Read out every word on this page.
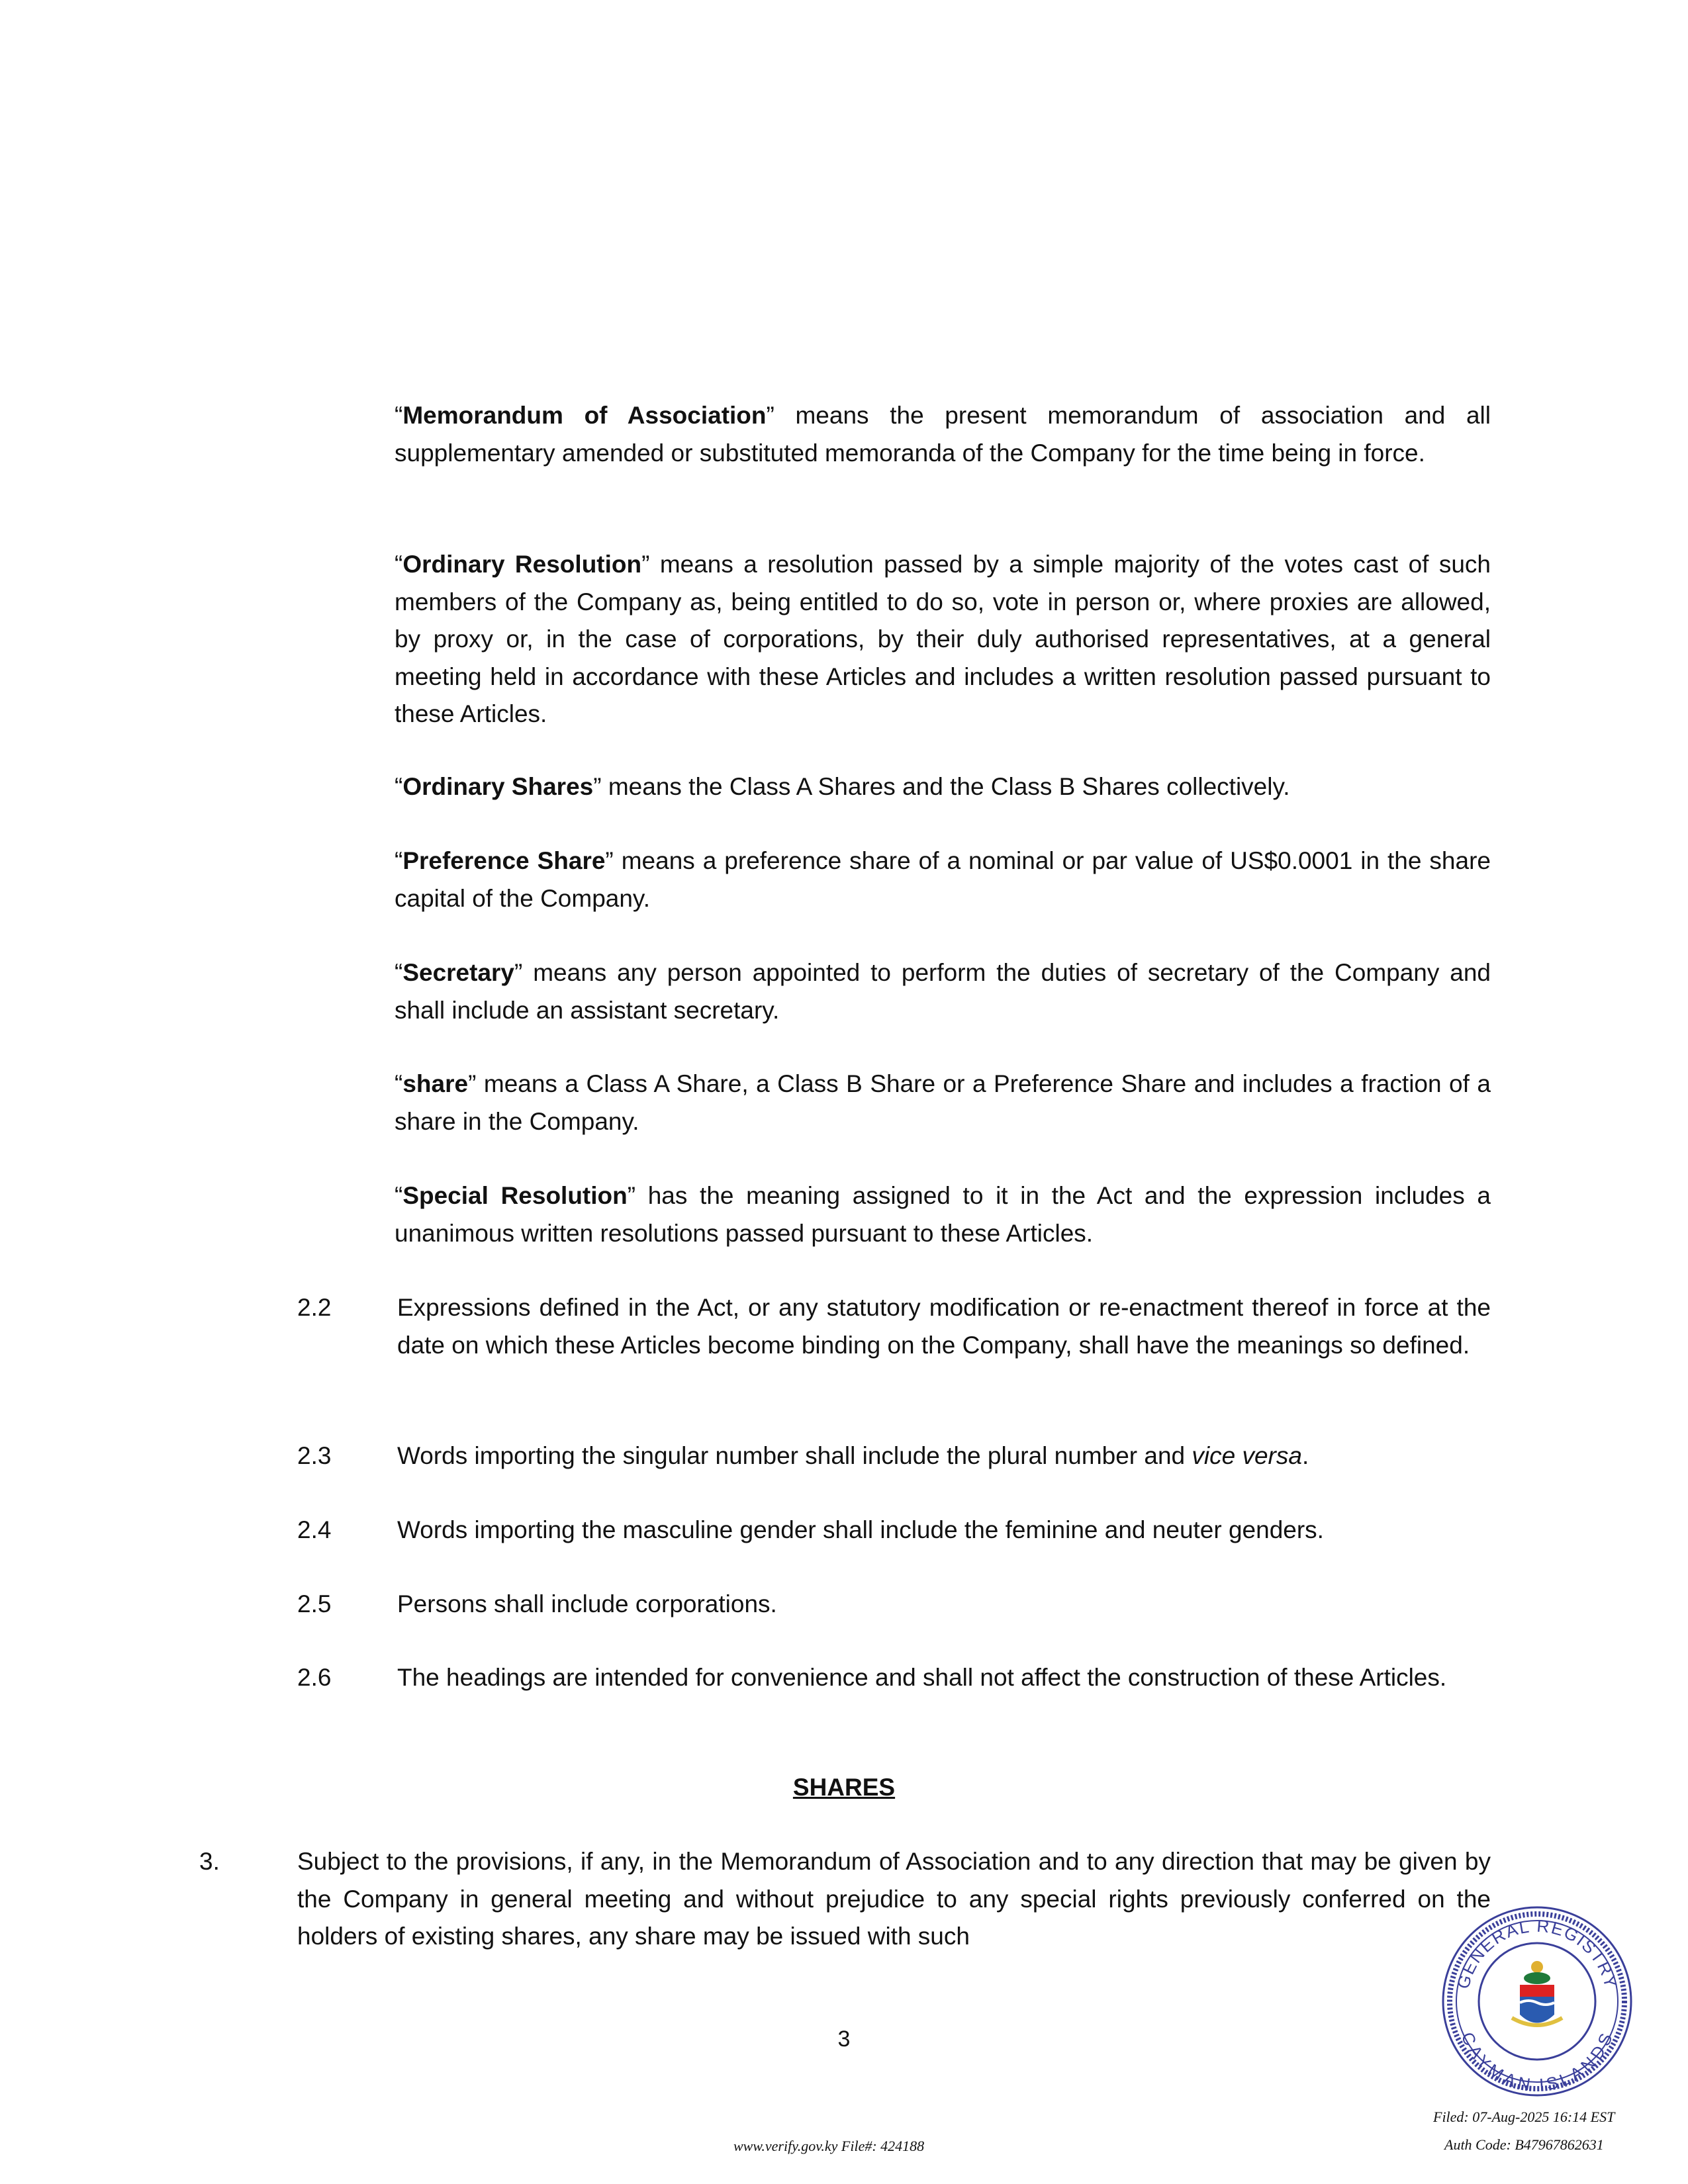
“Memorandum of Association” means the present memorandum of association and all supplementary amended or substituted memoranda of the Company for the time being in force.
“Ordinary Resolution” means a resolution passed by a simple majority of the votes cast of such members of the Company as, being entitled to do so, vote in person or, where proxies are allowed, by proxy or, in the case of corporations, by their duly authorised representatives, at a general meeting held in accordance with these Articles and includes a written resolution passed pursuant to these Articles.
“Ordinary Shares” means the Class A Shares and the Class B Shares collectively.
“Preference Share” means a preference share of a nominal or par value of US$0.0001 in the share capital of the Company.
“Secretary” means any person appointed to perform the duties of secretary of the Company and shall include an assistant secretary.
“share” means a Class A Share, a Class B Share or a Preference Share and includes a fraction of a share in the Company.
“Special Resolution” has the meaning assigned to it in the Act and the expression includes a unanimous written resolutions passed pursuant to these Articles.
2.2	Expressions defined in the Act, or any statutory modification or re-enactment thereof in force at the date on which these Articles become binding on the Company, shall have the meanings so defined.
2.3	Words importing the singular number shall include the plural number and vice versa.
2.4	Words importing the masculine gender shall include the feminine and neuter genders.
2.5	Persons shall include corporations.
2.6	The headings are intended for convenience and shall not affect the construction of these Articles.
SHARES
3.	Subject to the provisions, if any, in the Memorandum of Association and to any direction that may be given by the Company in general meeting and without prejudice to any special rights previously conferred on the holders of existing shares, any share may be issued with such
3
www.verify.gov.ky File#: 424188
Filed: 07-Aug-2025 16:14 EST
Auth Code: B47967862631
GENERAL REGISTRY
CAYMAN ISLANDS
